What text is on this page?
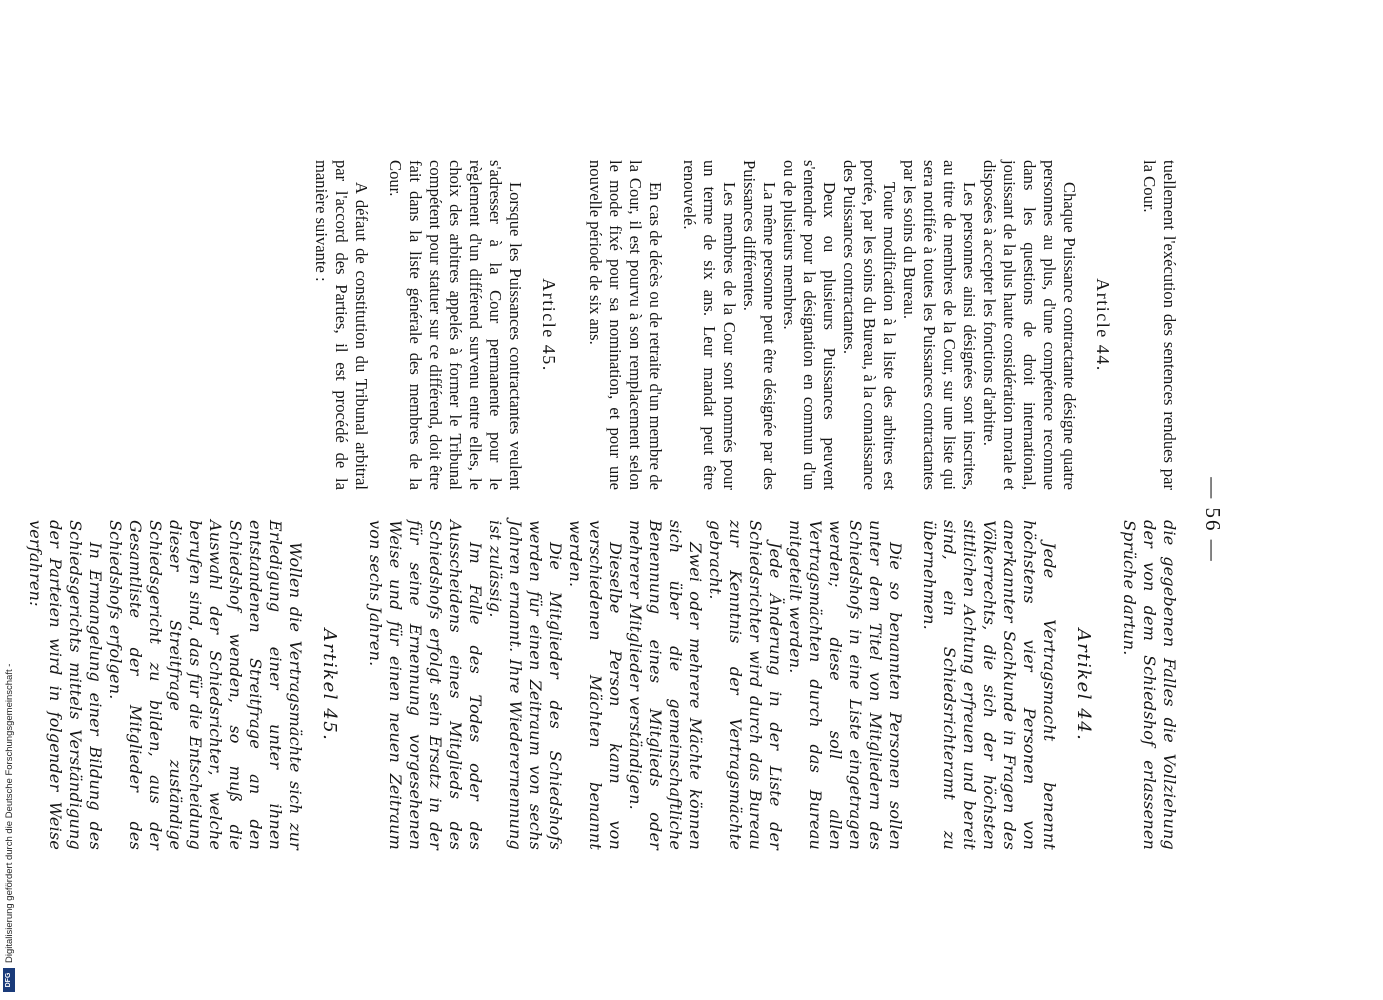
— 56 —

tuellement l'exécution des sentences rendues par la Cour.

Article 44.

Chaque Puissance contractante désigne quatre personnes au plus, d'une compétence reconnue dans les questions de droit international, jouissant de la plus haute considération morale et disposées à accepter les fonctions d'arbitre.

Les personnes ainsi désignées sont inscrites, au titre de membres de la Cour, sur une liste qui sera notifiée à toutes les Puissances contractantes par les soins du Bureau.

Toute modification à la liste des arbitres est portée, par les soins du Bureau, à la connaissance des Puissances contractantes.

Deux ou plusieurs Puissances peuvent s'entendre pour la désignation en commun d'un ou de plusieurs membres.

La même personne peut être désignée par des Puissances différentes.

Les membres de la Cour sont nommés pour un terme de six ans. Leur mandat peut être renouvelé.

En cas de décès ou de retraite d'un membre de la Cour, il est pourvu à son remplacement selon le mode fixé pour sa nomination, et pour une nouvelle période de six ans.

Article 45.

Lorsque les Puissances contractantes veulent s'adresser à la Cour permanente pour le règlement d'un différend survenu entre elles, le choix des arbitres appelés à former le Tribunal compétent pour statuer sur ce différend, doit être fait dans la liste générale des membres de la Cour.

A défaut de constitution du Tribunal arbitral par l'accord des Parties, il est procédé de la manière suivante :

die gegebenen Falles die Vollziehung der von dem Schiedshof erlassenen Sprüche dartun.

Artikel 44.

Jede Vertragsmacht benennt höchstens vier Personen von anerkannter Sachkunde in Fragen des Völkerrechts, die sich der höchsten sittlichen Achtung erfreuen und bereit sind, ein Schiedsrichteramt zu übernehmen.

Die so benannten Personen sollen unter dem Titel von Mitgliedern des Schiedshofs in eine Liste eingetragen werden; diese soll allen Vertragsmächten durch das Bureau mitgeteilt werden.

Jede Änderung in der Liste der Schiedsrichter wird durch das Bureau zur Kenntnis der Vertragsmächte gebracht.

Zwei oder mehrere Mächte können sich über die gemeinschaftliche Benennung eines Mitglieds oder mehrerer Mitglieder verständigen.

Dieselbe Person kann von verschiedenen Mächten benannt werden.

Die Mitglieder des Schiedshofs werden für einen Zeitraum von sechs Jahren ernannt. Ihre Wiederernennung ist zulässig.

Im Falle des Todes oder des Ausscheidens eines Mitglieds des Schiedshofs erfolgt sein Ersatz in der für seine Ernennung vorgesehenen Weise und für einen neuen Zeitraum von sechs Jahren.

Artikel 45.

Wollen die Vertragsmächte sich zur Erledigung einer unter ihnen entstandenen Streitfrage an den Schiedshof wenden, so muß die Auswahl der Schiedsrichter, welche berufen sind, das für die Entscheidung dieser Streitfrage zuständige Schiedsgericht zu bilden, aus der Gesamtliste der Mitglieder des Schiedshofs erfolgen.

In Ermangelung einer Bildung des Schiedsgerichts mittels Verständigung der Parteien wird in folgender Weise verfahren:

DFG
Digitalisierung gefördert durch die Deutsche Forschungsgemeinschaft -
